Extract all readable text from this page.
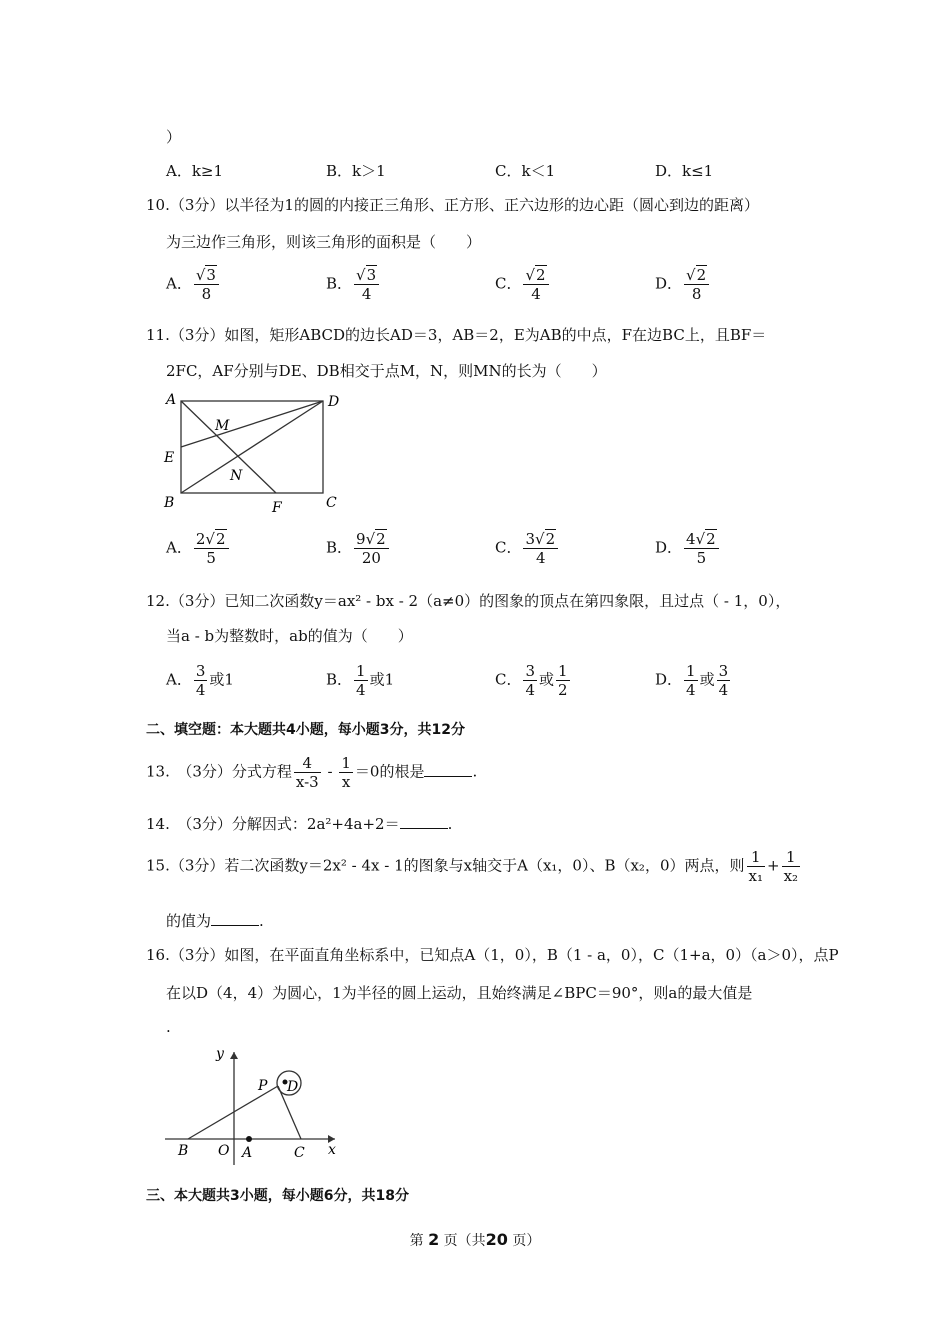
）
A．k≥1	B．k＞1	C．k＜1	D．k≤1
10.（3分）以半径为1的圆的内接正三角形、正方形、正六边形的边心距（圆心到边的距离）
为三边作三角形，则该三角形的面积是（　　）
A． $\frac{√3}{8}$	B． $\frac{√3}{4}$	C． $\frac{√2}{4}$	D． $\frac{√2}{8}$
11.（3分）如图，矩形ABCD的边长AD＝3，AB＝2，E为AB的中点，F在边BC上，且BF＝
2FC，AF分别与DE、DB相交于点M，N，则MN的长为（　　）
A	D
M
E
N
B	F	C
A． $\frac{2√2}{5}$	B． $\frac{9√2}{20}$	C． $\frac{3√2}{4}$	D． $\frac{4√2}{5}$
12.（3分）已知二次函数y＝ax² - bx - 2（a≠0）的图象的顶点在第四象限，且过点（ - 1，0），
当a - b为整数时，ab的值为（　　）
A． $\frac{3}{4}$ 或1	B． $\frac{1}{4}$ 或1	C． $\frac{3}{4}$ 或 $\frac{1}{2}$	D． $\frac{1}{4}$ 或 $\frac{3}{4}$
二、填空题：本大题共4小题，每小题3分，共12分
13.　（3分）分式方程 $\frac{4}{x-3} - \frac{1}{x} =0$的根是	.
14.　（3分）分解因式：2a²+4a+2＝	.
15.（3分）若二次函数y＝2x² - 4x - 1的图象与x轴交于A（x₁，0）、B（x₂，0）两点，则 $\frac{1}{\text{x₁}} + \frac{1}{\text{x₂}}$
的值为	.
16.（3分）如图，在平面直角坐标系中，已知点A（1，0），B（1 - a，0），C（1+a，0）（a＞0），点P
在以D（4，4）为圆心，1为半径的圆上运动，且始终满足∠BPC＝90°，则a的最大值是
.
y
P D
B O A	C x
三、本大题共3小题，每小题6分，共18分
第 2 页（共20 页）
